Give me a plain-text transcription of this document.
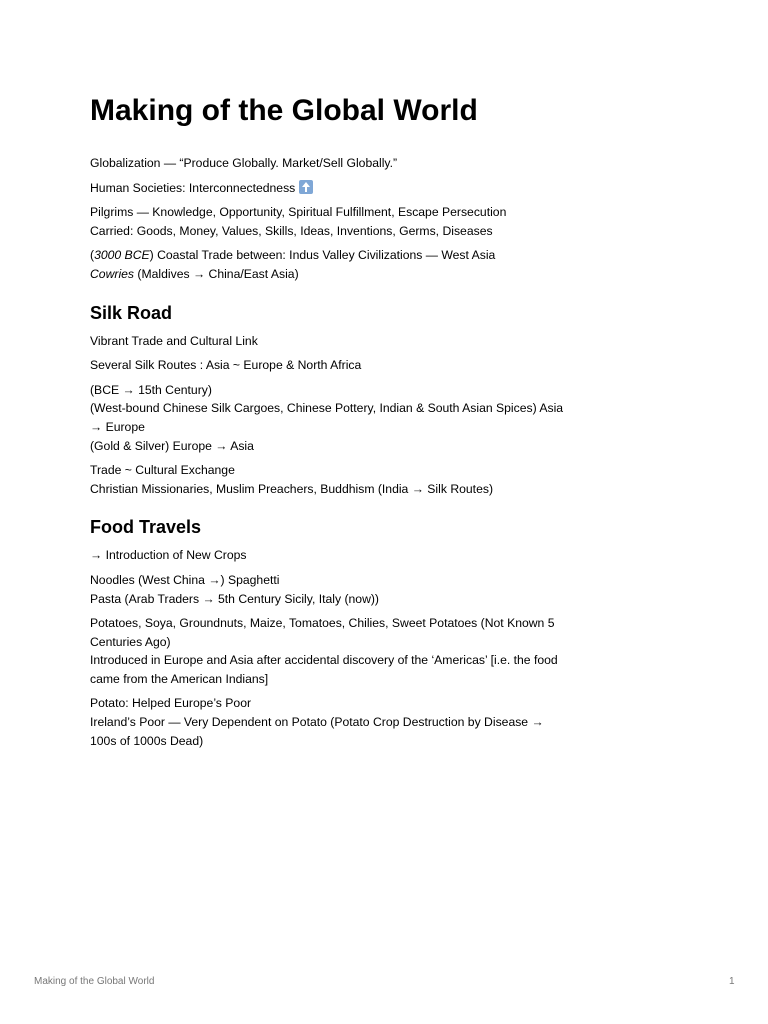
Making of the Global World

Globalization — “Produce Globally. Market/Sell Globally.”

Human Societies: Interconnectedness

Pilgrims — Knowledge, Opportunity, Spiritual Fulfillment, Escape Persecution
Carried: Goods, Money, Values, Skills, Ideas, Inventions, Germs, Diseases

(3000 BCE) Coastal Trade between: Indus Valley Civilizations — West Asia
Cowries (Maldives → China/East Asia)

Silk Road

Vibrant Trade and Cultural Link

Several Silk Routes : Asia ~ Europe & North Africa

(BCE → 15th Century)
(West-bound Chinese Silk Cargoes, Chinese Pottery, Indian & South Asian Spices) Asia → Europe
(Gold & Silver) Europe → Asia

Trade ~ Cultural Exchange
Christian Missionaries, Muslim Preachers, Buddhism (India → Silk Routes)

Food Travels

→ Introduction of New Crops

Noodles (West China →) Spaghetti
Pasta (Arab Traders → 5th Century Sicily, Italy (now))

Potatoes, Soya, Groundnuts, Maize, Tomatoes, Chilies, Sweet Potatoes (Not Known 5 Centuries Ago)
Introduced in Europe and Asia after accidental discovery of the ‘Americas’ [i.e. the food came from the American Indians]

Potato: Helped Europe’s Poor
Ireland’s Poor — Very Dependent on Potato (Potato Crop Destruction by Disease → 100s of 1000s Dead)

Making of the Global World	1
